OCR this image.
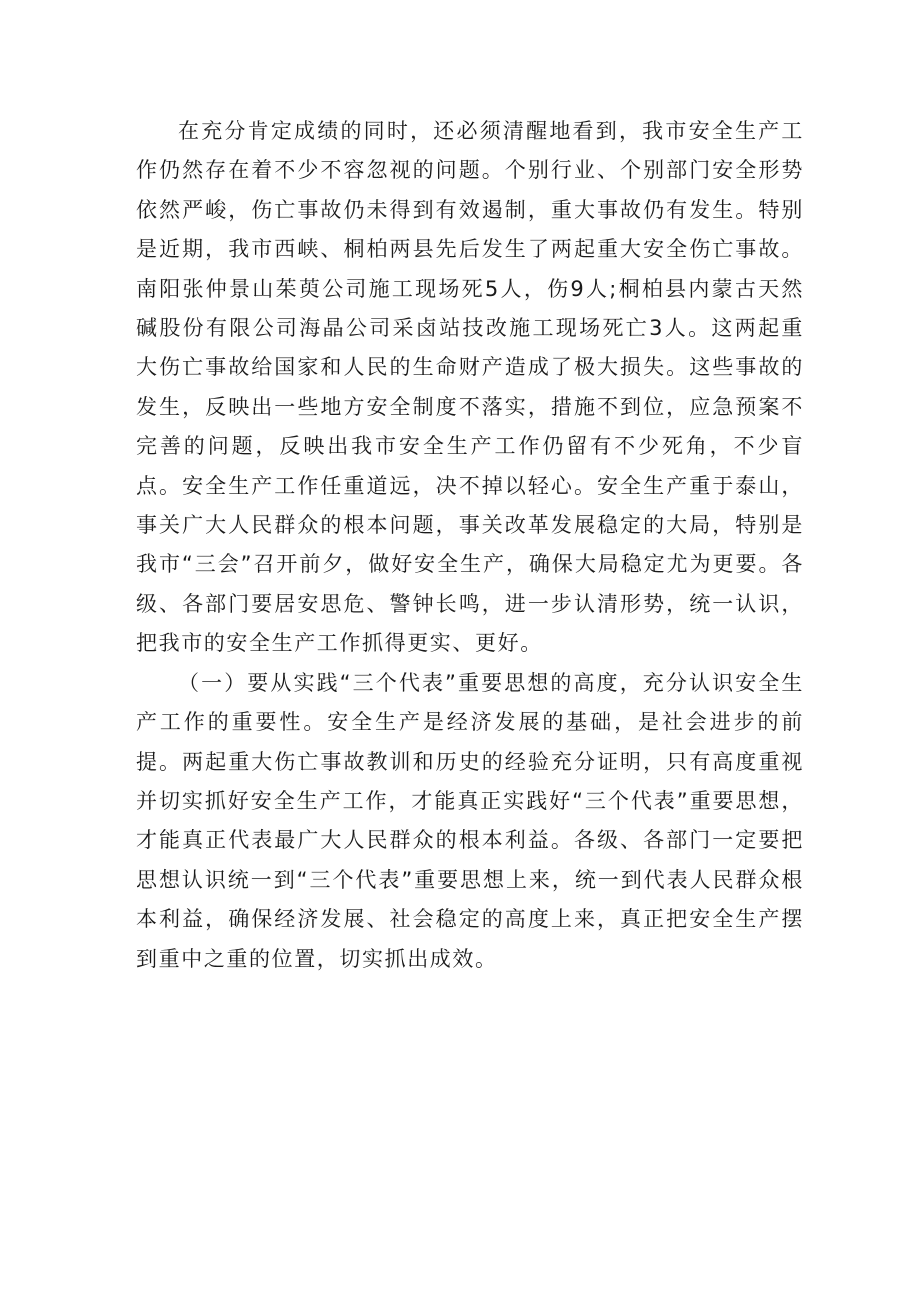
在充分肯定成绩的同时，还必须清醒地看到，我市安全生产工作仍然存在着不少不容忽视的问题。个别行业、个别部门安全形势依然严峻，伤亡事故仍未得到有效遏制，重大事故仍有发生。特别是近期，我市西峡、桐柏两县先后发生了两起重大安全伤亡事故。南阳张仲景山茱萸公司施工现场死5人，伤9人;桐柏县内蒙古天然碱股份有限公司海晶公司采卤站技改施工现场死亡3人。这两起重大伤亡事故给国家和人民的生命财产造成了极大损失。这些事故的发生，反映出一些地方安全制度不落实，措施不到位，应急预案不完善的问题，反映出我市安全生产工作仍留有不少死角，不少盲点。安全生产工作任重道远，决不掉以轻心。安全生产重于泰山，事关广大人民群众的根本问题，事关改革发展稳定的大局，特别是我市“三会”召开前夕，做好安全生产，确保大局稳定尤为更要。各级、各部门要居安思危、警钟长鸣，进一步认清形势，统一认识，把我市的安全生产工作抓得更实、更好。

（一）要从实践“三个代表”重要思想的高度，充分认识安全生产工作的重要性。安全生产是经济发展的基础，是社会进步的前提。两起重大伤亡事故教训和历史的经验充分证明，只有高度重视并切实抓好安全生产工作，才能真正实践好“三个代表”重要思想，才能真正代表最广大人民群众的根本利益。各级、各部门一定要把思想认识统一到“三个代表”重要思想上来，统一到代表人民群众根本利益，确保经济发展、社会稳定的高度上来，真正把安全生产摆到重中之重的位置，切实抓出成效。
